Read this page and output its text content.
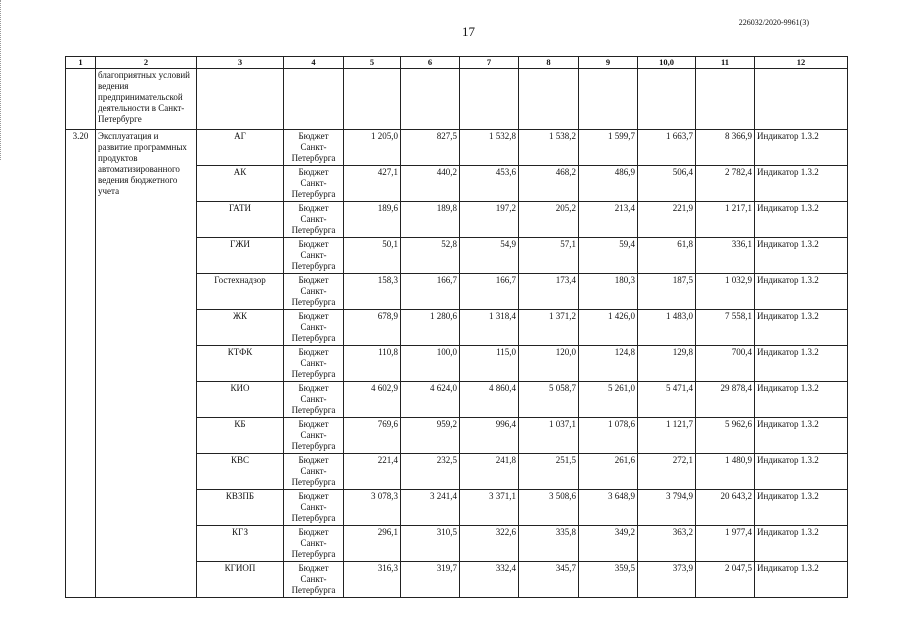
17
226032/2020-9961(3)
1	2	3	4	5	6	7	8	9	10,0	11	12
	благоприятных условий ведения предпринимательской деятельности в Санкт-Петербурге										
3.20	Эксплуатация и развитие программных продуктов автоматизированного ведения бюджетного учета	АГ	Бюджет Санкт-Петербурга	1 205,0	827,5	1 532,8	1 538,2	1 599,7	1 663,7	8 366,9	Индикатор 1.3.2
		АК	Бюджет Санкт-Петербурга	427,1	440,2	453,6	468,2	486,9	506,4	2 782,4	Индикатор 1.3.2
		ГАТИ	Бюджет Санкт-Петербурга	189,6	189,8	197,2	205,2	213,4	221,9	1 217,1	Индикатор 1.3.2
		ГЖИ	Бюджет Санкт-Петербурга	50,1	52,8	54,9	57,1	59,4	61,8	336,1	Индикатор 1.3.2
		Гостехнадзор	Бюджет Санкт-Петербурга	158,3	166,7	166,7	173,4	180,3	187,5	1 032,9	Индикатор 1.3.2
		ЖК	Бюджет Санкт-Петербурга	678,9	1 280,6	1 318,4	1 371,2	1 426,0	1 483,0	7 558,1	Индикатор 1.3.2
		КТФК	Бюджет Санкт-Петербурга	110,8	100,0	115,0	120,0	124,8	129,8	700,4	Индикатор 1.3.2
		КИО	Бюджет Санкт-Петербурга	4 602,9	4 624,0	4 860,4	5 058,7	5 261,0	5 471,4	29 878,4	Индикатор 1.3.2
		КБ	Бюджет Санкт-Петербурга	769,6	959,2	996,4	1 037,1	1 078,6	1 121,7	5 962,6	Индикатор 1.3.2
		КВС	Бюджет Санкт-Петербурга	221,4	232,5	241,8	251,5	261,6	272,1	1 480,9	Индикатор 1.3.2
		КВЗПБ	Бюджет Санкт-Петербурга	3 078,3	3 241,4	3 371,1	3 508,6	3 648,9	3 794,9	20 643,2	Индикатор 1.3.2
		КГЗ	Бюджет Санкт-Петербурга	296,1	310,5	322,6	335,8	349,2	363,2	1 977,4	Индикатор 1.3.2
		КГИОП	Бюджет Санкт-Петербурга	316,3	319,7	332,4	345,7	359,5	373,9	2 047,5	Индикатор 1.3.2
